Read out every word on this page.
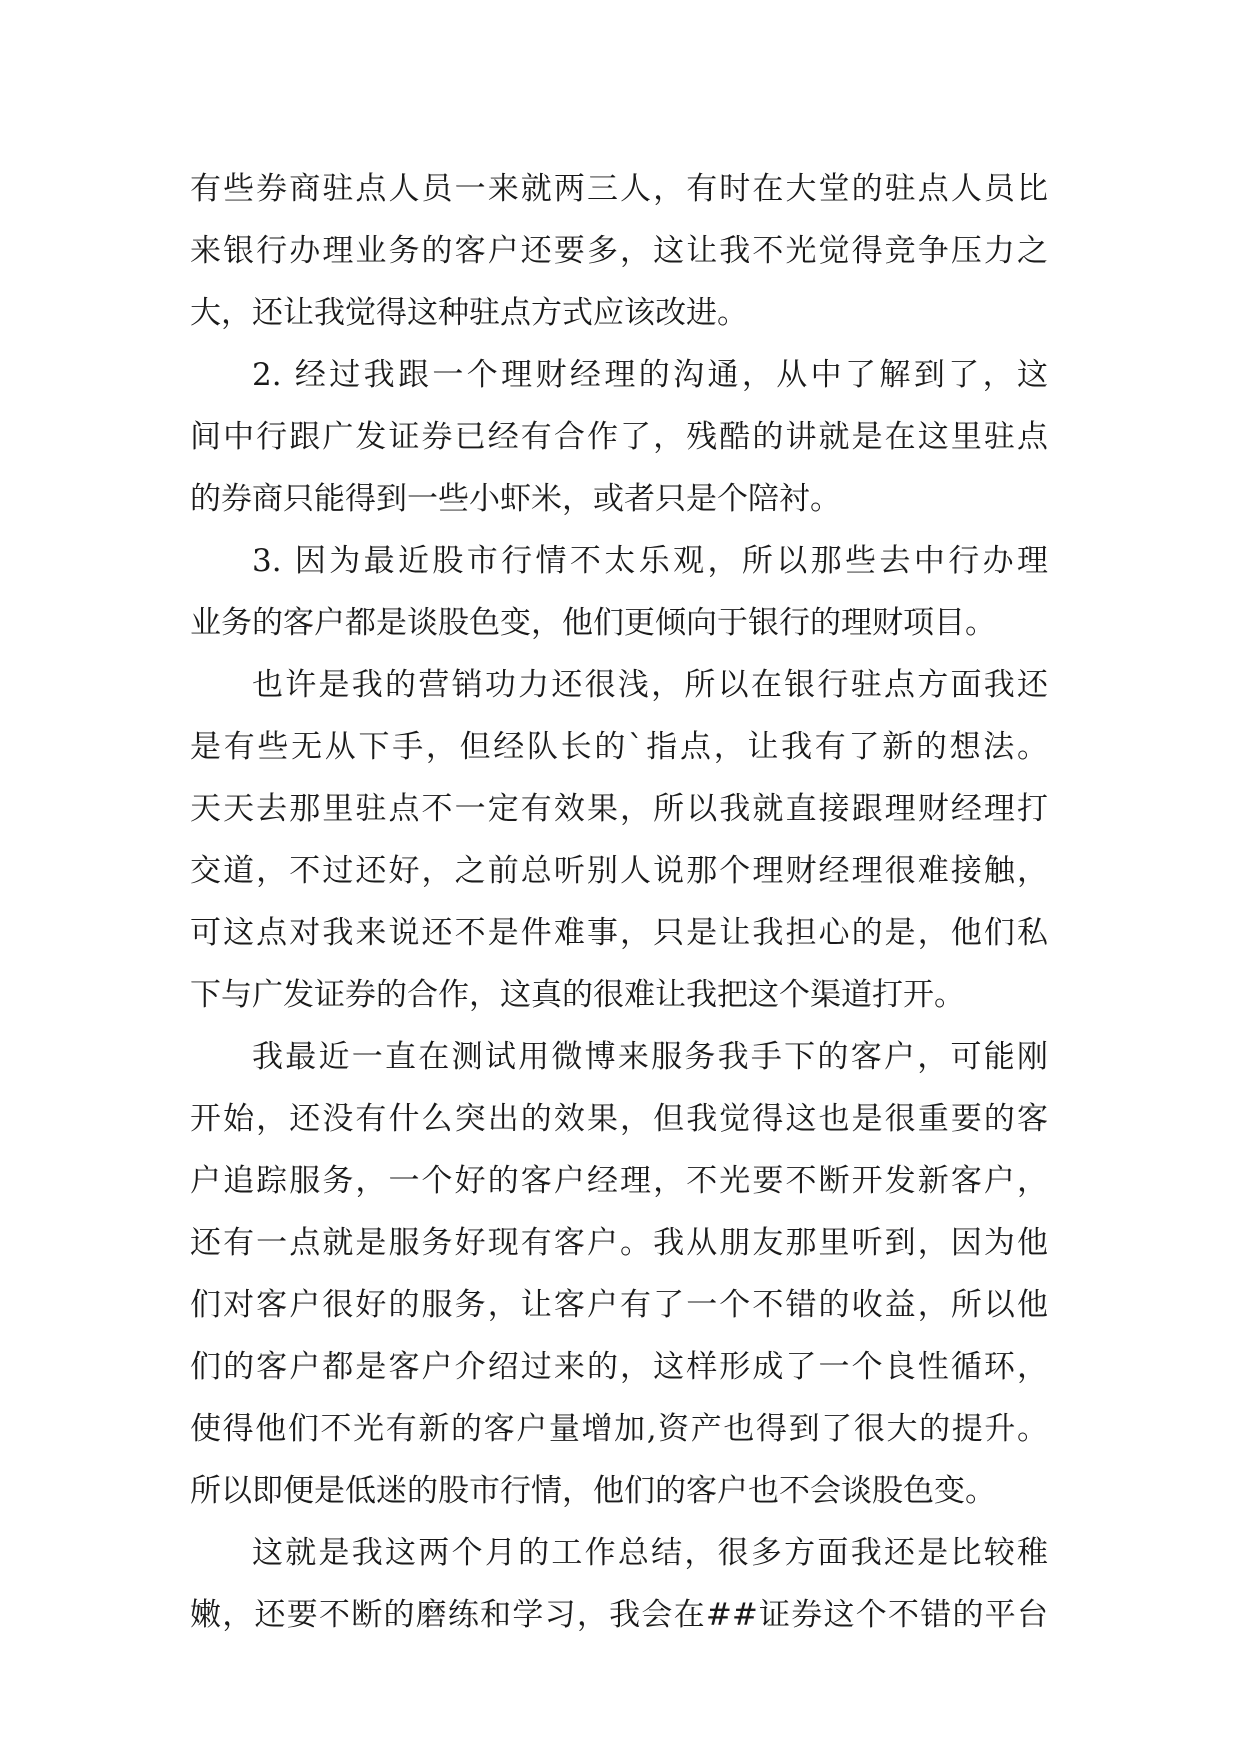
有些券商驻点人员一来就两三人，有时在大堂的驻点人员比
来银行办理业务的客户还要多，这让我不光觉得竞争压力之
大，还让我觉得这种驻点方式应该改进。
2. 经过我跟一个理财经理的沟通，从中了解到了，这
间中行跟广发证券已经有合作了，残酷的讲就是在这里驻点
的券商只能得到一些小虾米，或者只是个陪衬。
3. 因为最近股市行情不太乐观，所以那些去中行办理
业务的客户都是谈股色变，他们更倾向于银行的理财项目。
也许是我的营销功力还很浅，所以在银行驻点方面我还
是有些无从下手，但经队长的`指点，让我有了新的想法。
天天去那里驻点不一定有效果，所以我就直接跟理财经理打
交道，不过还好，之前总听别人说那个理财经理很难接触，
可这点对我来说还不是件难事，只是让我担心的是，他们私
下与广发证券的合作，这真的很难让我把这个渠道打开。
我最近一直在测试用微博来服务我手下的客户，可能刚
开始，还没有什么突出的效果，但我觉得这也是很重要的客
户追踪服务，一个好的客户经理，不光要不断开发新客户，
还有一点就是服务好现有客户。我从朋友那里听到，因为他
们对客户很好的服务，让客户有了一个不错的收益，所以他
们的客户都是客户介绍过来的，这样形成了一个良性循环，
使得他们不光有新的客户量增加,资产也得到了很大的提升。
所以即便是低迷的股市行情，他们的客户也不会谈股色变。
这就是我这两个月的工作总结，很多方面我还是比较稚
嫩，还要不断的磨练和学习，我会在##证券这个不错的平台
